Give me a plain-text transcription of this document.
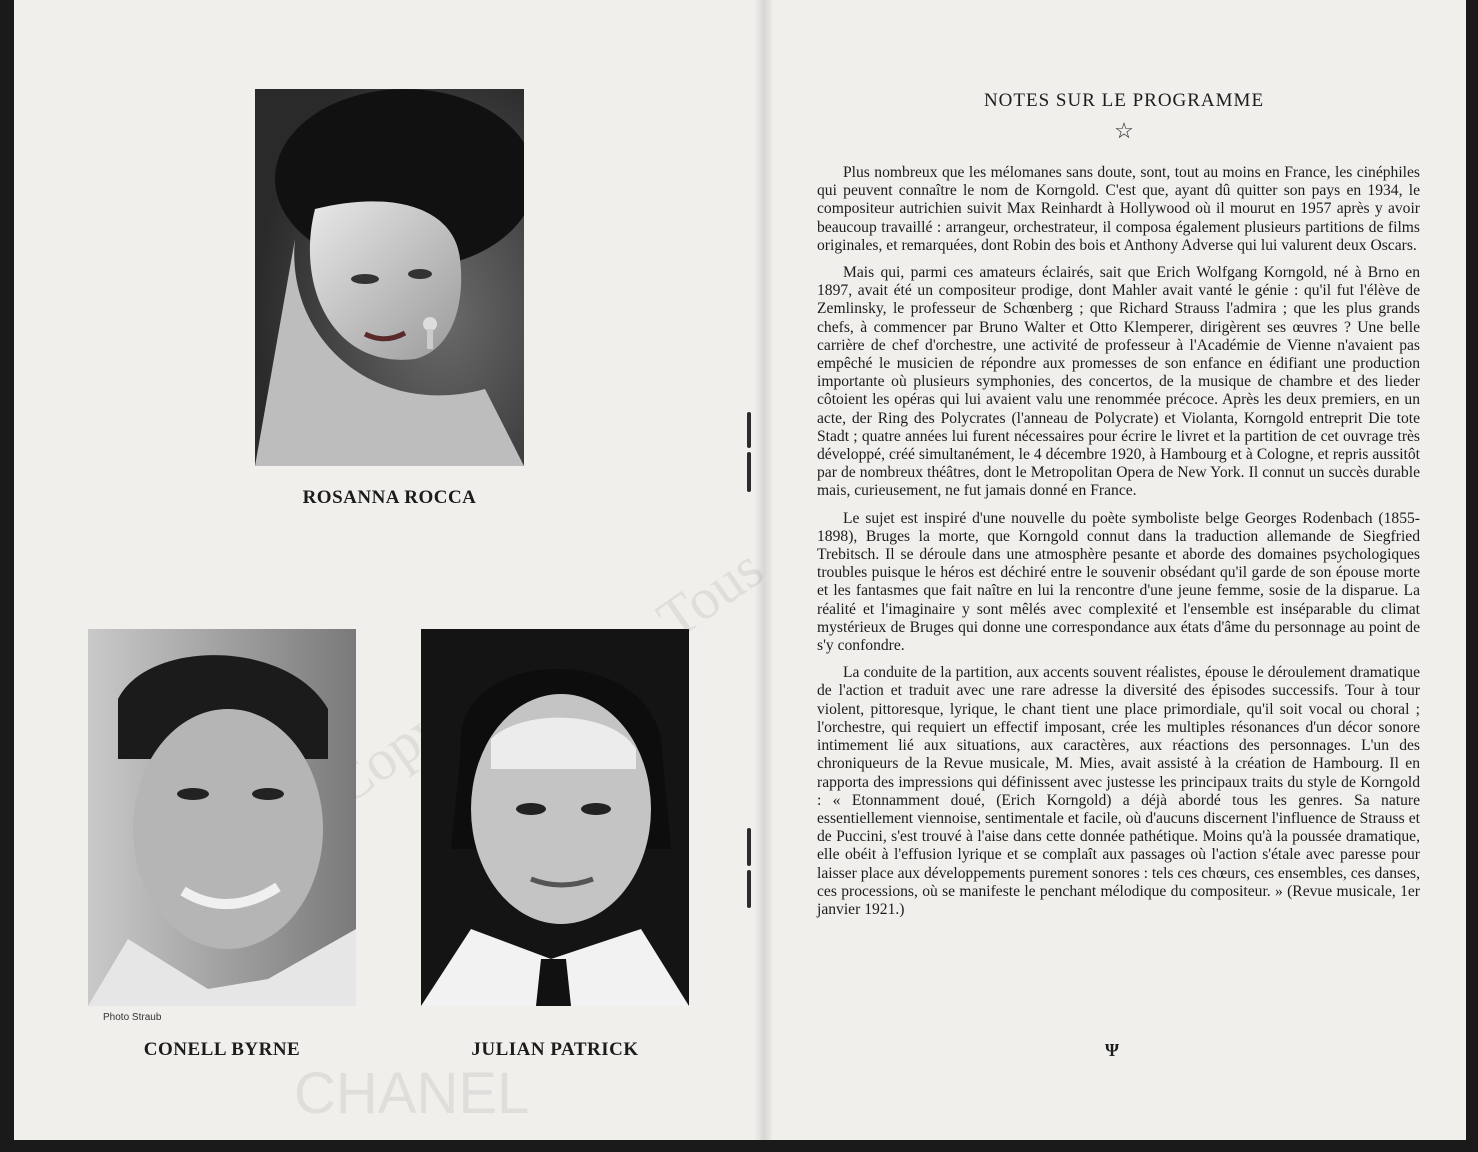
Tous
CHANEL
ROSANNA ROCCA
Photo Straub
CONELL BYRNE	JULIAN PATRICK
NOTES SUR LE PROGRAMME
☆

Plus nombreux que les mélomanes sans doute, sont, tout au moins en France, les cinéphiles qui peuvent connaître le nom de Korngold. C'est que, ayant dû quitter son pays en 1934, le compositeur autrichien suivit Max Reinhardt à Hollywood où il mourut en 1957 après y avoir beaucoup travaillé : arrangeur, orchestrateur, il composa également plusieurs partitions de films originales, et remarquées, dont Robin des bois et Anthony Adverse qui lui valurent deux Oscars.

Mais qui, parmi ces amateurs éclairés, sait que Erich Wolfgang Korngold, né à Brno en 1897, avait été un compositeur prodige, dont Mahler avait vanté le génie : qu'il fut l'élève de Zemlinsky, le professeur de Schœnberg ; que Richard Strauss l'admira ; que les plus grands chefs, à commencer par Bruno Walter et Otto Klemperer, dirigèrent ses œuvres ? Une belle carrière de chef d'orchestre, une activité de professeur à l'Académie de Vienne n'avaient pas empêché le musicien de répondre aux promesses de son enfance en édifiant une production importante où plusieurs symphonies, des concertos, de la musique de chambre et des lieder côtoient les opéras qui lui avaient valu une renommée précoce. Après les deux premiers, en un acte, der Ring des Polycrates (l'anneau de Polycrate) et Violanta, Korngold entreprit Die tote Stadt ; quatre années lui furent nécessaires pour écrire le livret et la partition de cet ouvrage très développé, créé simultanément, le 4 décembre 1920, à Hambourg et à Cologne, et repris aussitôt par de nombreux théâtres, dont le Metropolitan Opera de New York. Il connut un succès durable mais, curieusement, ne fut jamais donné en France.

Le sujet est inspiré d'une nouvelle du poète symboliste belge Georges Rodenbach (1855-1898), Bruges la morte, que Korngold connut dans la traduction allemande de Siegfried Trebitsch. Il se déroule dans une atmosphère pesante et aborde des domaines psychologiques troubles puisque le héros est déchiré entre le souvenir obsédant qu'il garde de son épouse morte et les fantasmes que fait naître en lui la rencontre d'une jeune femme, sosie de la disparue. La réalité et l'imaginaire y sont mêlés avec complexité et l'ensemble est inséparable du climat mystérieux de Bruges qui donne une correspondance aux états d'âme du personnage au point de s'y confondre.

La conduite de la partition, aux accents souvent réalistes, épouse le déroulement dramatique de l'action et traduit avec une rare adresse la diversité des épisodes successifs. Tour à tour violent, pittoresque, lyrique, le chant tient une place primordiale, qu'il soit vocal ou choral ; l'orchestre, qui requiert un effectif imposant, crée les multiples résonances d'un décor sonore intimement lié aux situations, aux caractères, aux réactions des personnages. L'un des chroniqueurs de la Revue musicale, M. Mies, avait assisté à la création de Hambourg. Il en rapporta des impressions qui définissent avec justesse les principaux traits du style de Korngold : « Etonnamment doué, (Erich Korngold) a déjà abordé tous les genres. Sa nature essentiellement viennoise, sentimentale et facile, où d'aucuns discernent l'influence de Strauss et de Puccini, s'est trouvé à l'aise dans cette donnée pathétique. Moins qu'à la poussée dramatique, elle obéit à l'effusion lyrique et se complaît aux passages où l'action s'étale avec paresse pour laisser place aux développements purement sonores : tels ces chœurs, ces ensembles, ces danses, ces processions, où se manifeste le penchant mélodique du compositeur. » (Revue musicale, 1er janvier 1921.)

Ψ
